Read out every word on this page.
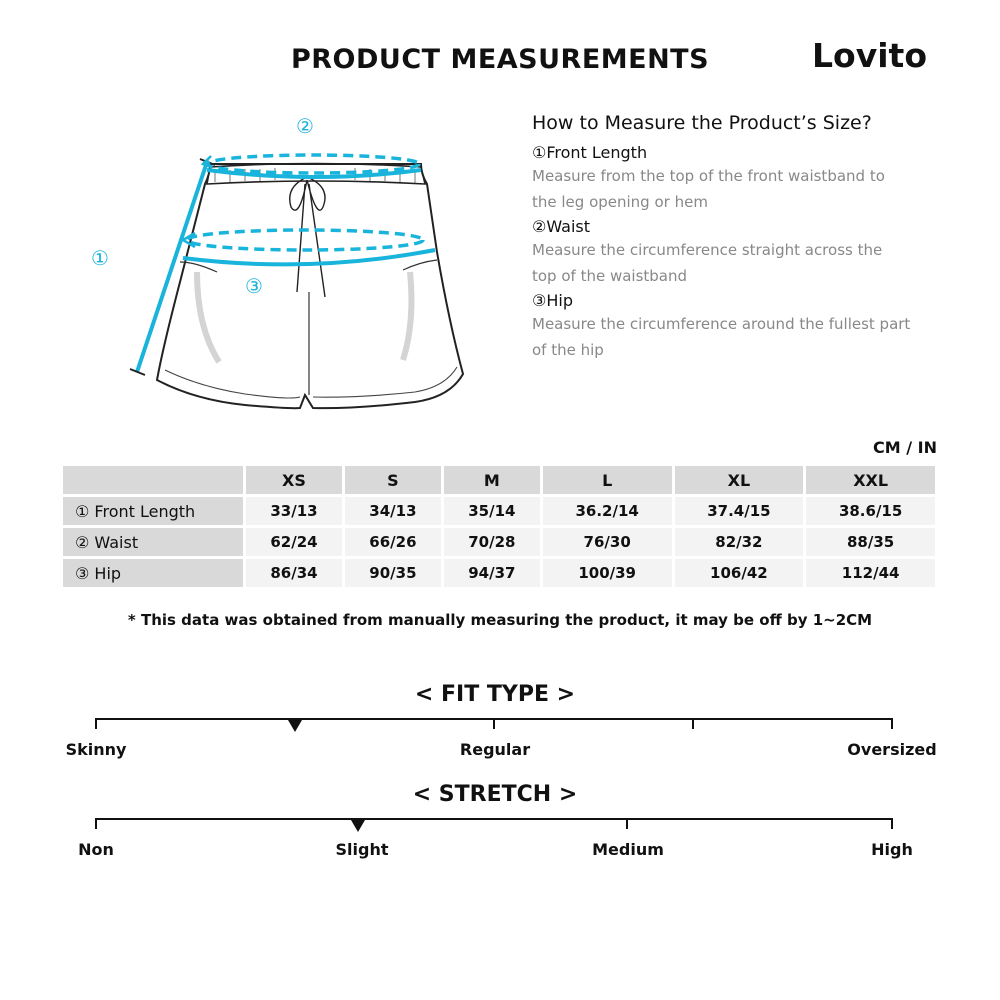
PRODUCT MEASUREMENTS	Lovito
①
②
③
How to Measure the Product’s Size?
①Front Length
Measure from the top of the front waistband to
the leg opening or hem
②Waist
Measure the circumference straight across the
top of the waistband
③Hip
Measure the circumference around the fullest part
of the hip
CM / IN
	XS	S	M	L	XL	XXL
① Front Length	33/13	34/13	35/14	36.2/14	37.4/15	38.6/15
② Waist	62/24	66/26	70/28	76/30	82/32	88/35
③ Hip	86/34	90/35	94/37	100/39	106/42	112/44
* This data was obtained from manually measuring the product, it may be off by 1~2CM
< FIT TYPE >
Skinny	Regular	Oversized
< STRETCH >
Non	Slight	Medium	High
